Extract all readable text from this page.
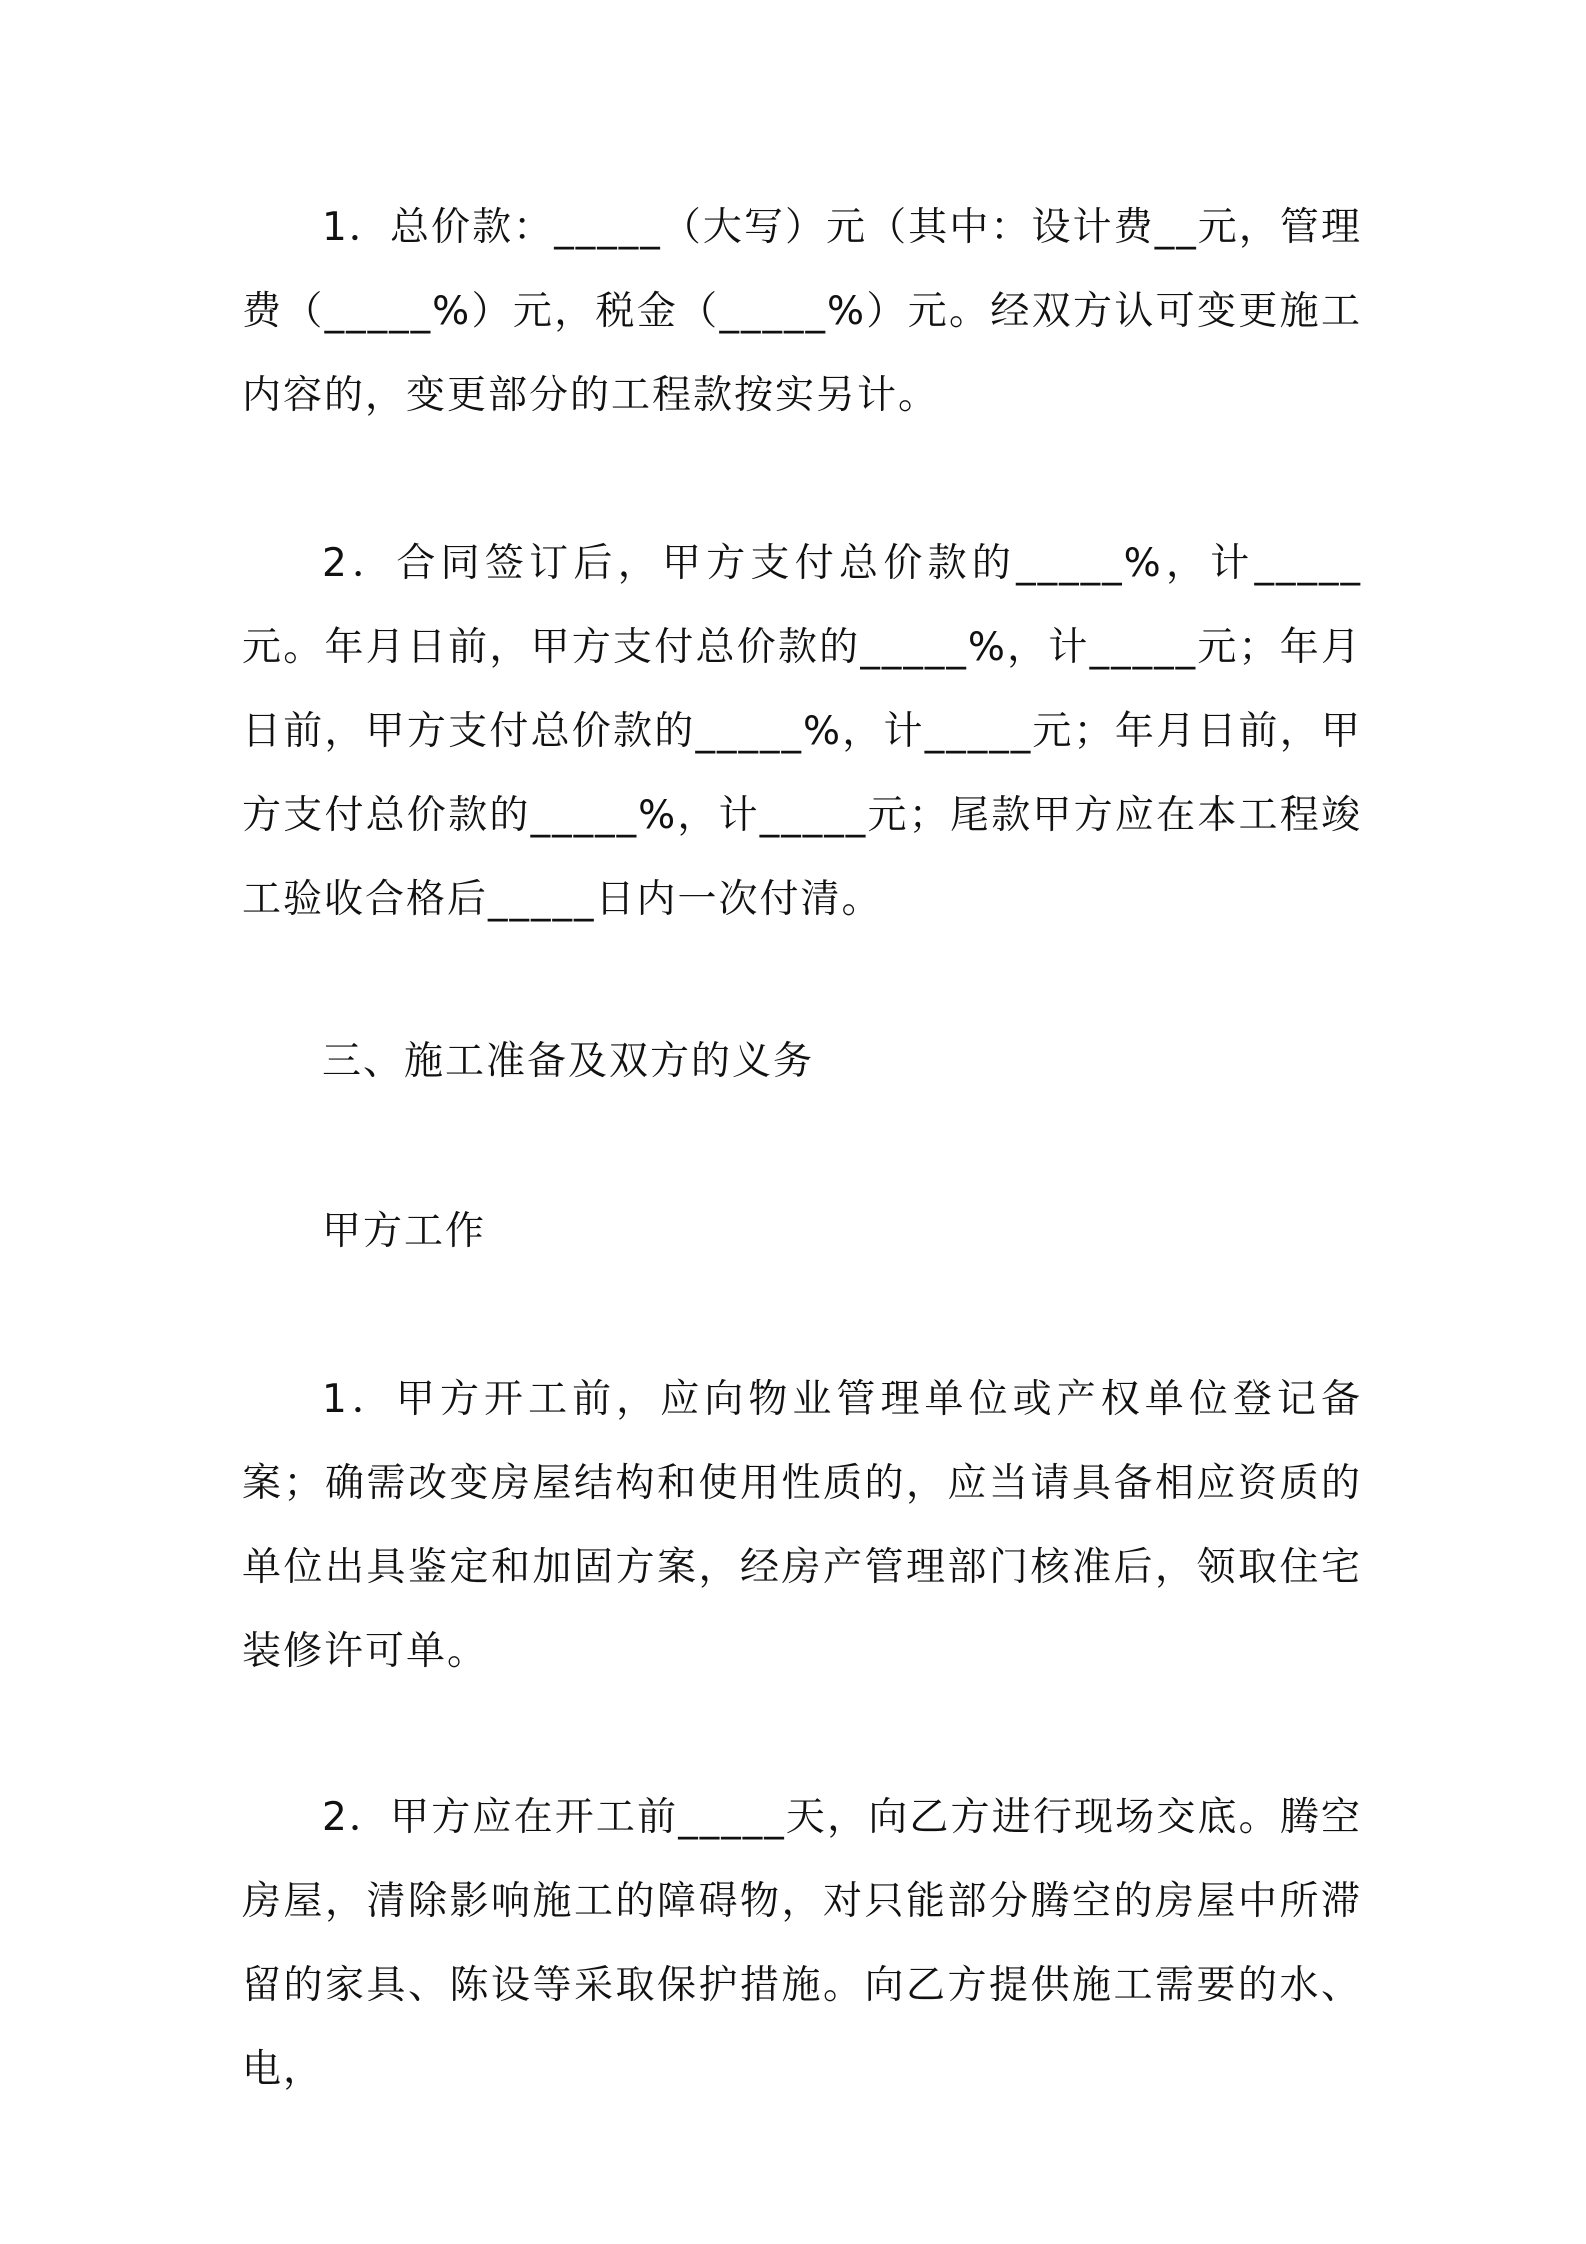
1．总价款：_____（大写）元（其中：设计费__元，管理费（_____%）元，税金（_____%）元。经双方认可变更施工内容的，变更部分的工程款按实另计。

2．合同签订后，甲方支付总价款的_____%，计_____元。年月日前，甲方支付总价款的_____%，计_____元；年月日前，甲方支付总价款的_____%，计_____元；年月日前，甲方支付总价款的_____%，计_____元；尾款甲方应在本工程竣工验收合格后_____日内一次付清。

三、施工准备及双方的义务

甲方工作

1．甲方开工前，应向物业管理单位或产权单位登记备案；确需改变房屋结构和使用性质的，应当请具备相应资质的单位出具鉴定和加固方案，经房产管理部门核准后，领取住宅装修许可单。

2．甲方应在开工前_____天，向乙方进行现场交底。腾空房屋，清除影响施工的障碍物，对只能部分腾空的房屋中所滞留的家具、陈设等采取保护措施。向乙方提供施工需要的水、电，
